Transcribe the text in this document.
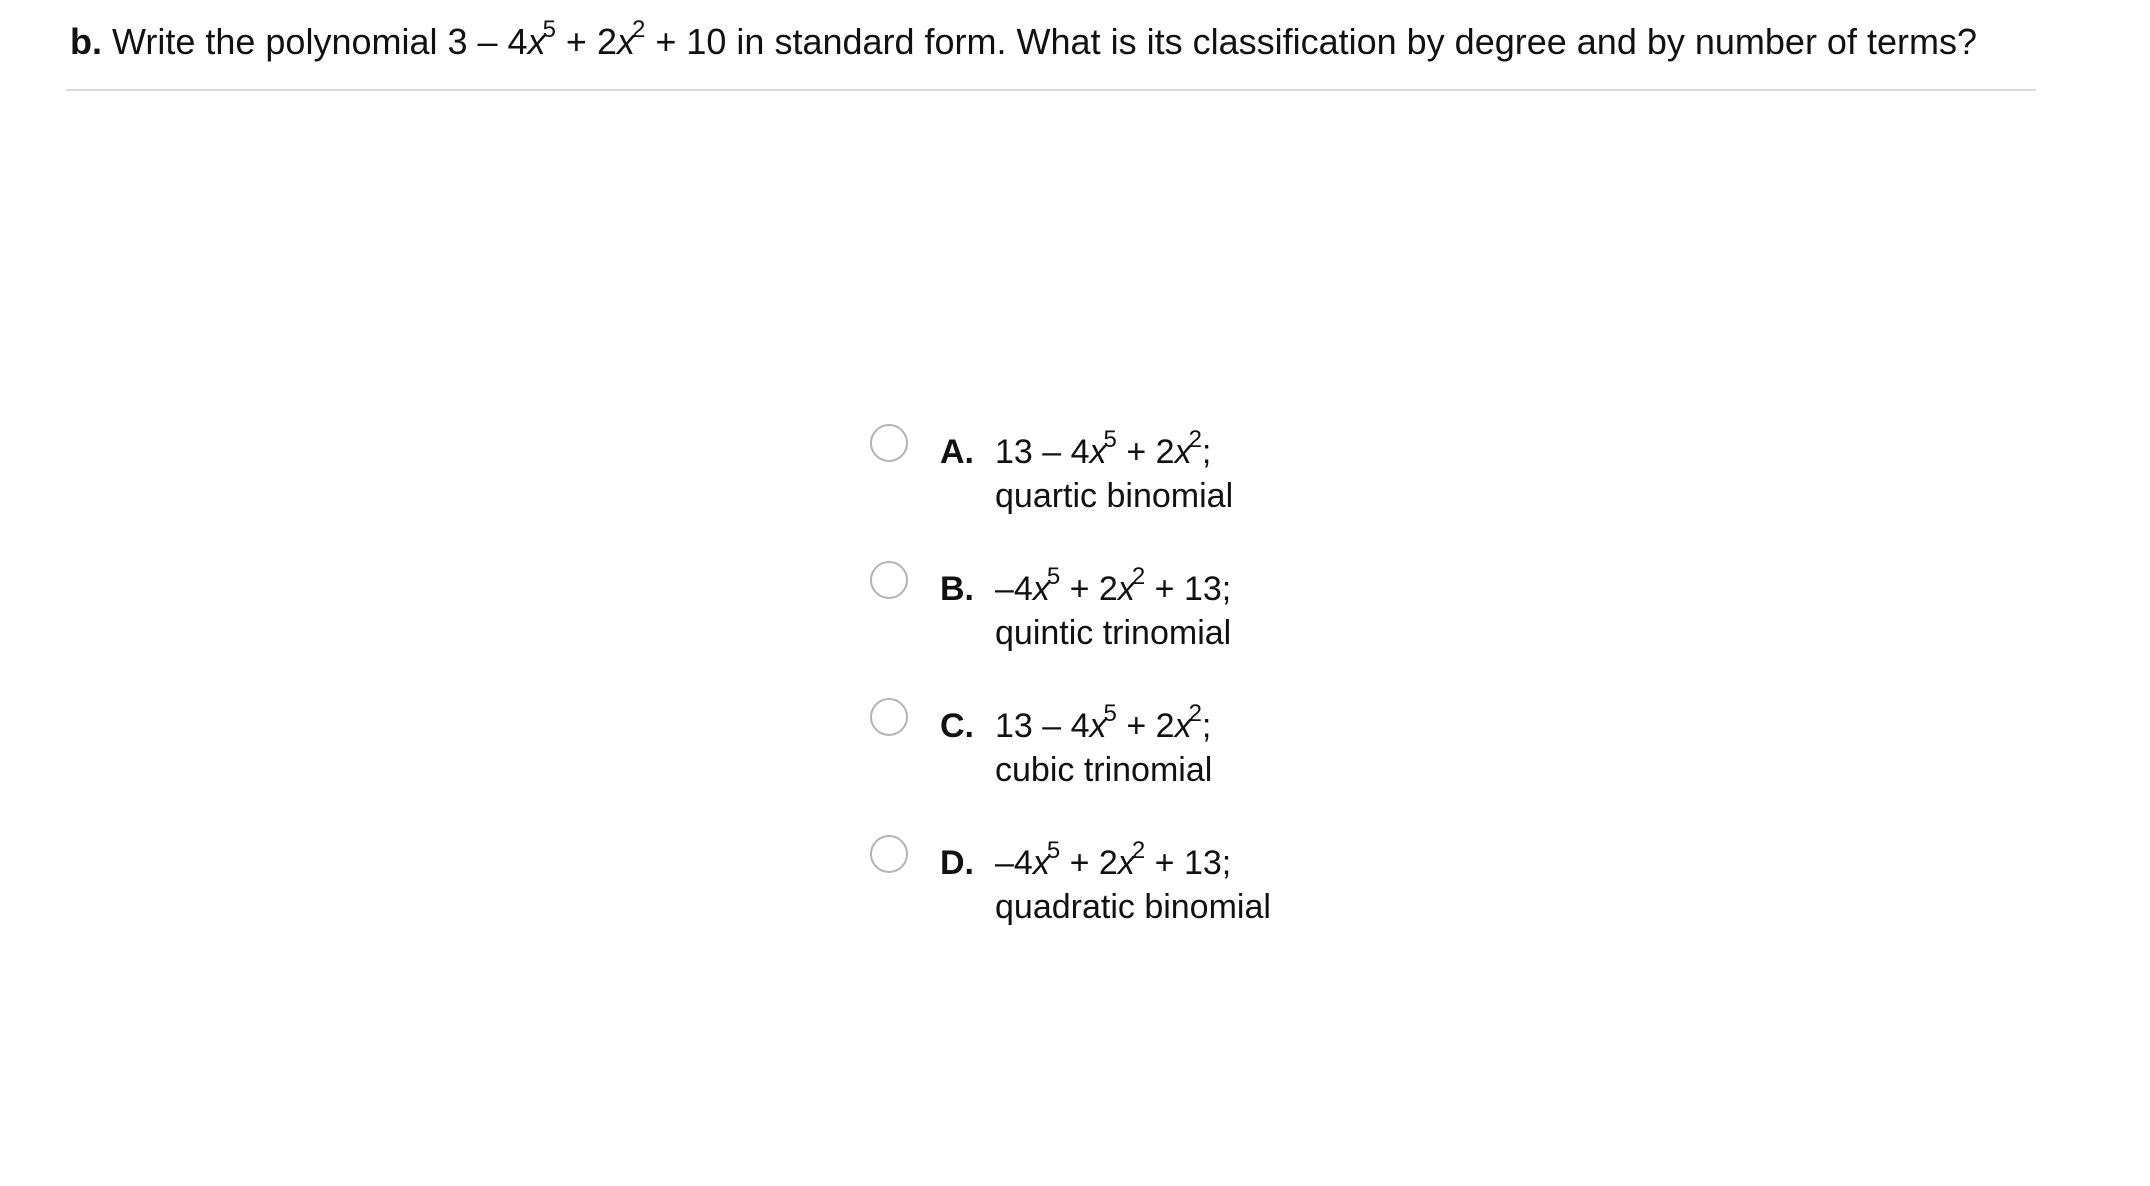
b. Write the polynomial $3 - 4x^5 + 2x^2 + 10$ in standard form. What is its classification by degree and by number of terms?
A. $13 - 4x^5 + 2x^2$;
quartic binomial
B. $-4x^5 + 2x^2 + 13$;
quintic trinomial
C. $13 - 4x^5 + 2x^2$;
cubic trinomial
D. $-4x^5 + 2x^2 + 13$;
quadratic binomial
